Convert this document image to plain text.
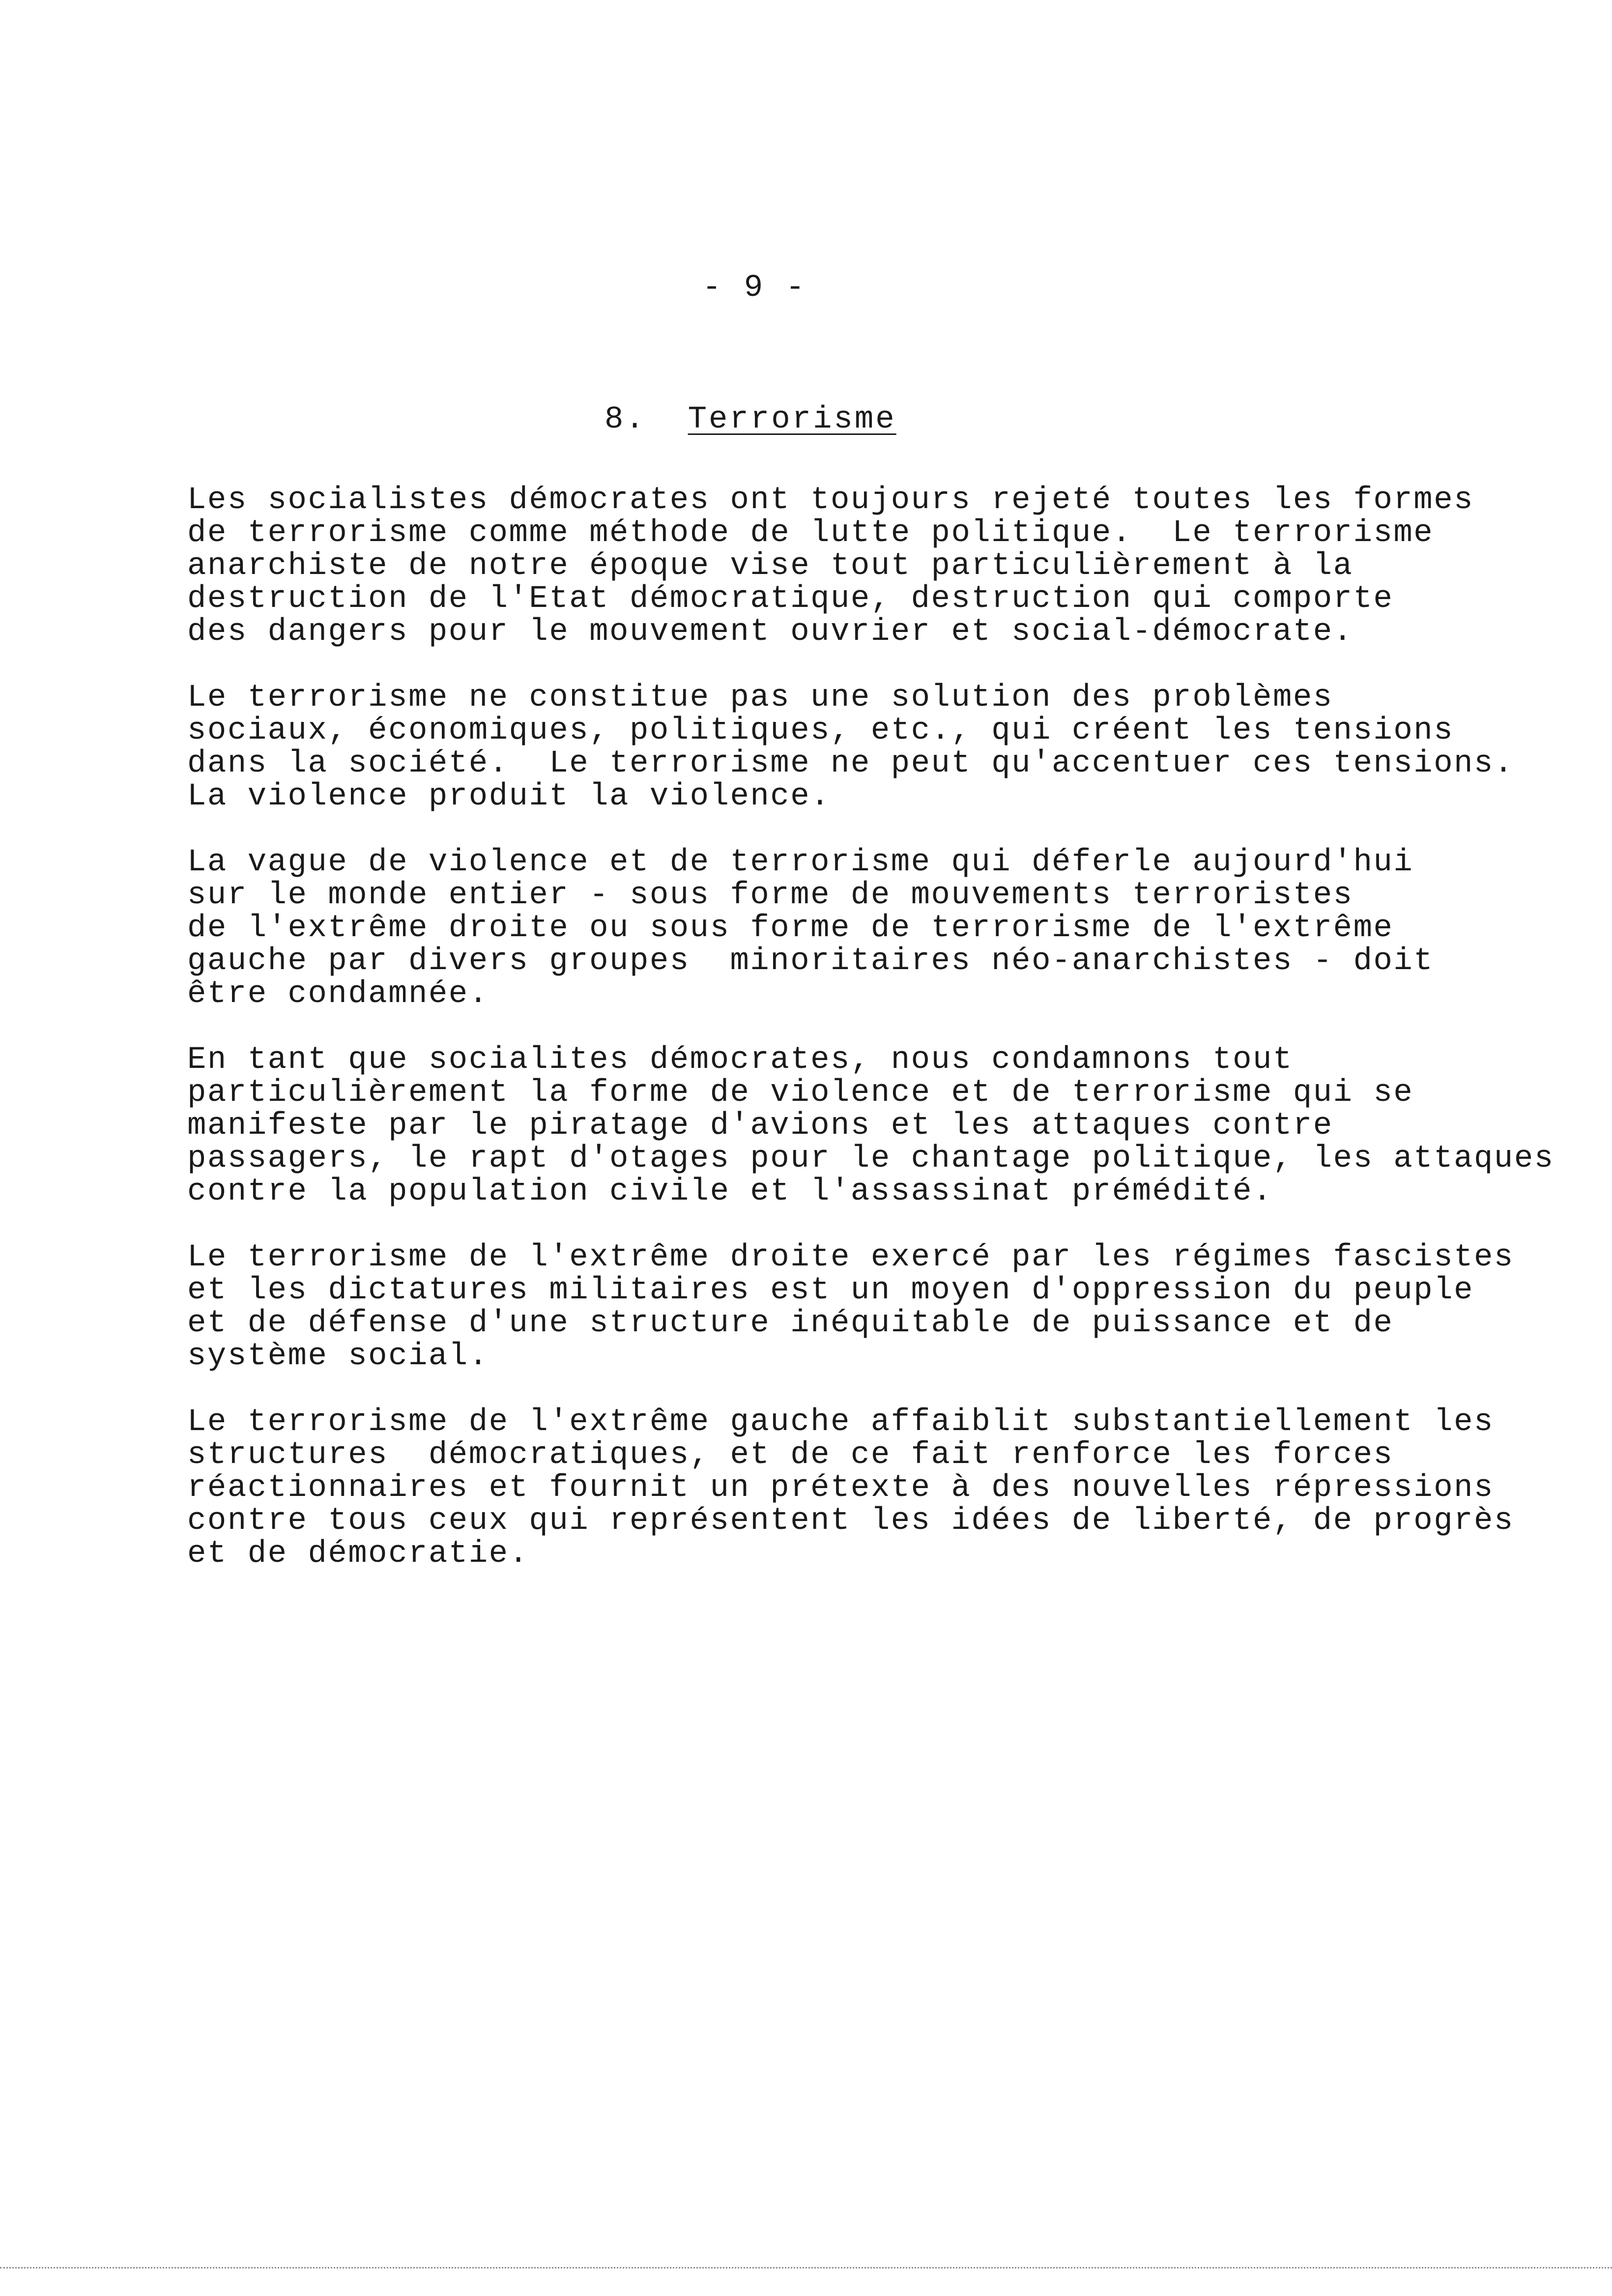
- 9 -
8. Terrorisme
Les socialistes démocrates ont toujours rejeté toutes les formes
de terrorisme comme méthode de lutte politique.  Le terrorisme
anarchiste de notre époque vise tout particulièrement à la
destruction de l'Etat démocratique, destruction qui comporte
des dangers pour le mouvement ouvrier et social-démocrate.
Le terrorisme ne constitue pas une solution des problèmes
sociaux, économiques, politiques, etc., qui créent les tensions
dans la société.  Le terrorisme ne peut qu'accentuer ces tensions.
La violence produit la violence.
La vague de violence et de terrorisme qui déferle aujourd'hui
sur le monde entier - sous forme de mouvements terroristes
de l'extrême droite ou sous forme de terrorisme de l'extrême
gauche par divers groupes  minoritaires néo-anarchistes - doit
être condamnée.
En tant que socialites démocrates, nous condamnons tout
particulièrement la forme de violence et de terrorisme qui se
manifeste par le piratage d'avions et les attaques contre
passagers, le rapt d'otages pour le chantage politique, les attaques
contre la population civile et l'assassinat prémédité.
Le terrorisme de l'extrême droite exercé par les régimes fascistes
et les dictatures militaires est un moyen d'oppression du peuple
et de défense d'une structure inéquitable de puissance et de
système social.
Le terrorisme de l'extrême gauche affaiblit substantiellement les
structures  démocratiques, et de ce fait renforce les forces
réactionnaires et fournit un prétexte à des nouvelles répressions
contre tous ceux qui représentent les idées de liberté, de progrès
et de démocratie.
